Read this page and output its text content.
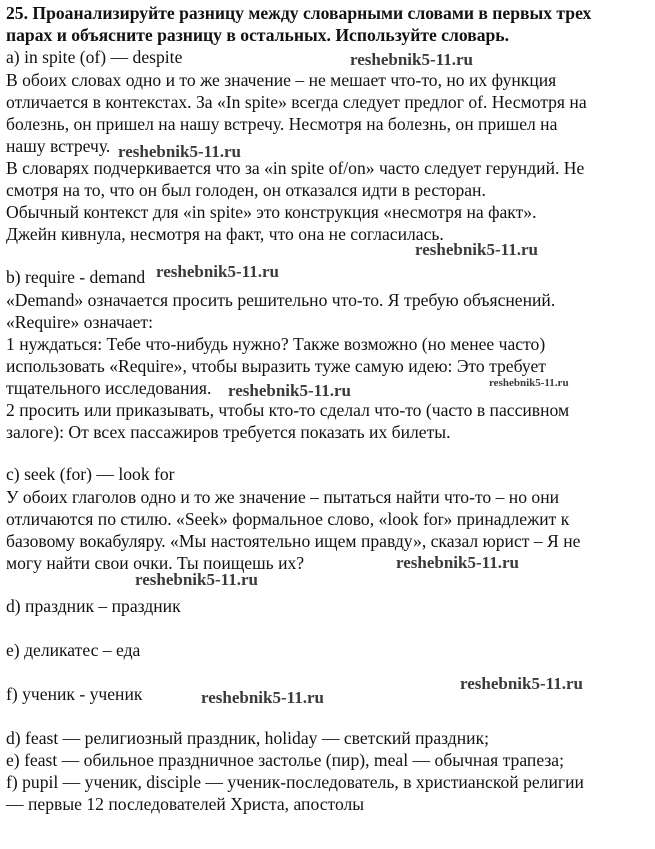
25. Проанализируйте разницу между словарными словами в первых трех
парах и объясните разницу в остальных. Используйте словарь.
a) in spite (of) — despite
В обоих словах одно и то же значение – не мешает что-то, но их функция
отличается в контекстах. За «In spite» всегда следует предлог of. Несмотря на
болезнь, он пришел на нашу встречу. Несмотря на болезнь, он пришел на
нашу встречу.
В словарях подчеркивается что за «in spite of/on» часто следует герундий. Не
смотря на то, что он был голоден, он отказался идти в ресторан.
Обычный контекст для «in spite» это конструкция «несмотря на факт».
Джейн кивнула, несмотря на факт, что она не согласилась.
b) require - demand
«Demand» означается просить решительно что-то. Я требую объяснений.
«Require» означает:
1 нуждаться: Тебе что-нибудь нужно? Также возможно (но менее часто)
использовать «Require», чтобы выразить туже самую идею: Это требует
тщательного исследования.
2 просить или приказывать, чтобы кто-то сделал что-то (часто в пассивном
залоге): От всех пассажиров требуется показать их билеты.
c) seek (for) — look for
У обоих глаголов одно и то же значение – пытаться найти что-то – но они
отличаются по стилю. «Seek» формальное слово, «look for» принадлежит к
базовому вокабуляру. «Мы настоятельно ищем правду», сказал юрист – Я не
могу найти свои очки. Ты поищешь их?
d) праздник – праздник
e) деликатес – еда
f) ученик - ученик
d) feast — религиозный праздник, holiday — светский праздник;
e) feast — обильное праздничное застолье (пир), meal — обычная трапеза;
f) pupil — ученик, disciple — ученик-последователь, в христианской религии
— первые 12 последователей Христа, апостолы
reshebnik5-11.ru
reshebnik5-11.ru
reshebnik5-11.ru
reshebnik5-11.ru
reshebnik5-11.ru	reshebnik5-11.ru
reshebnik5-11.ru
reshebnik5-11.ru
reshebnik5-11.ru
reshebnik5-11.ru
